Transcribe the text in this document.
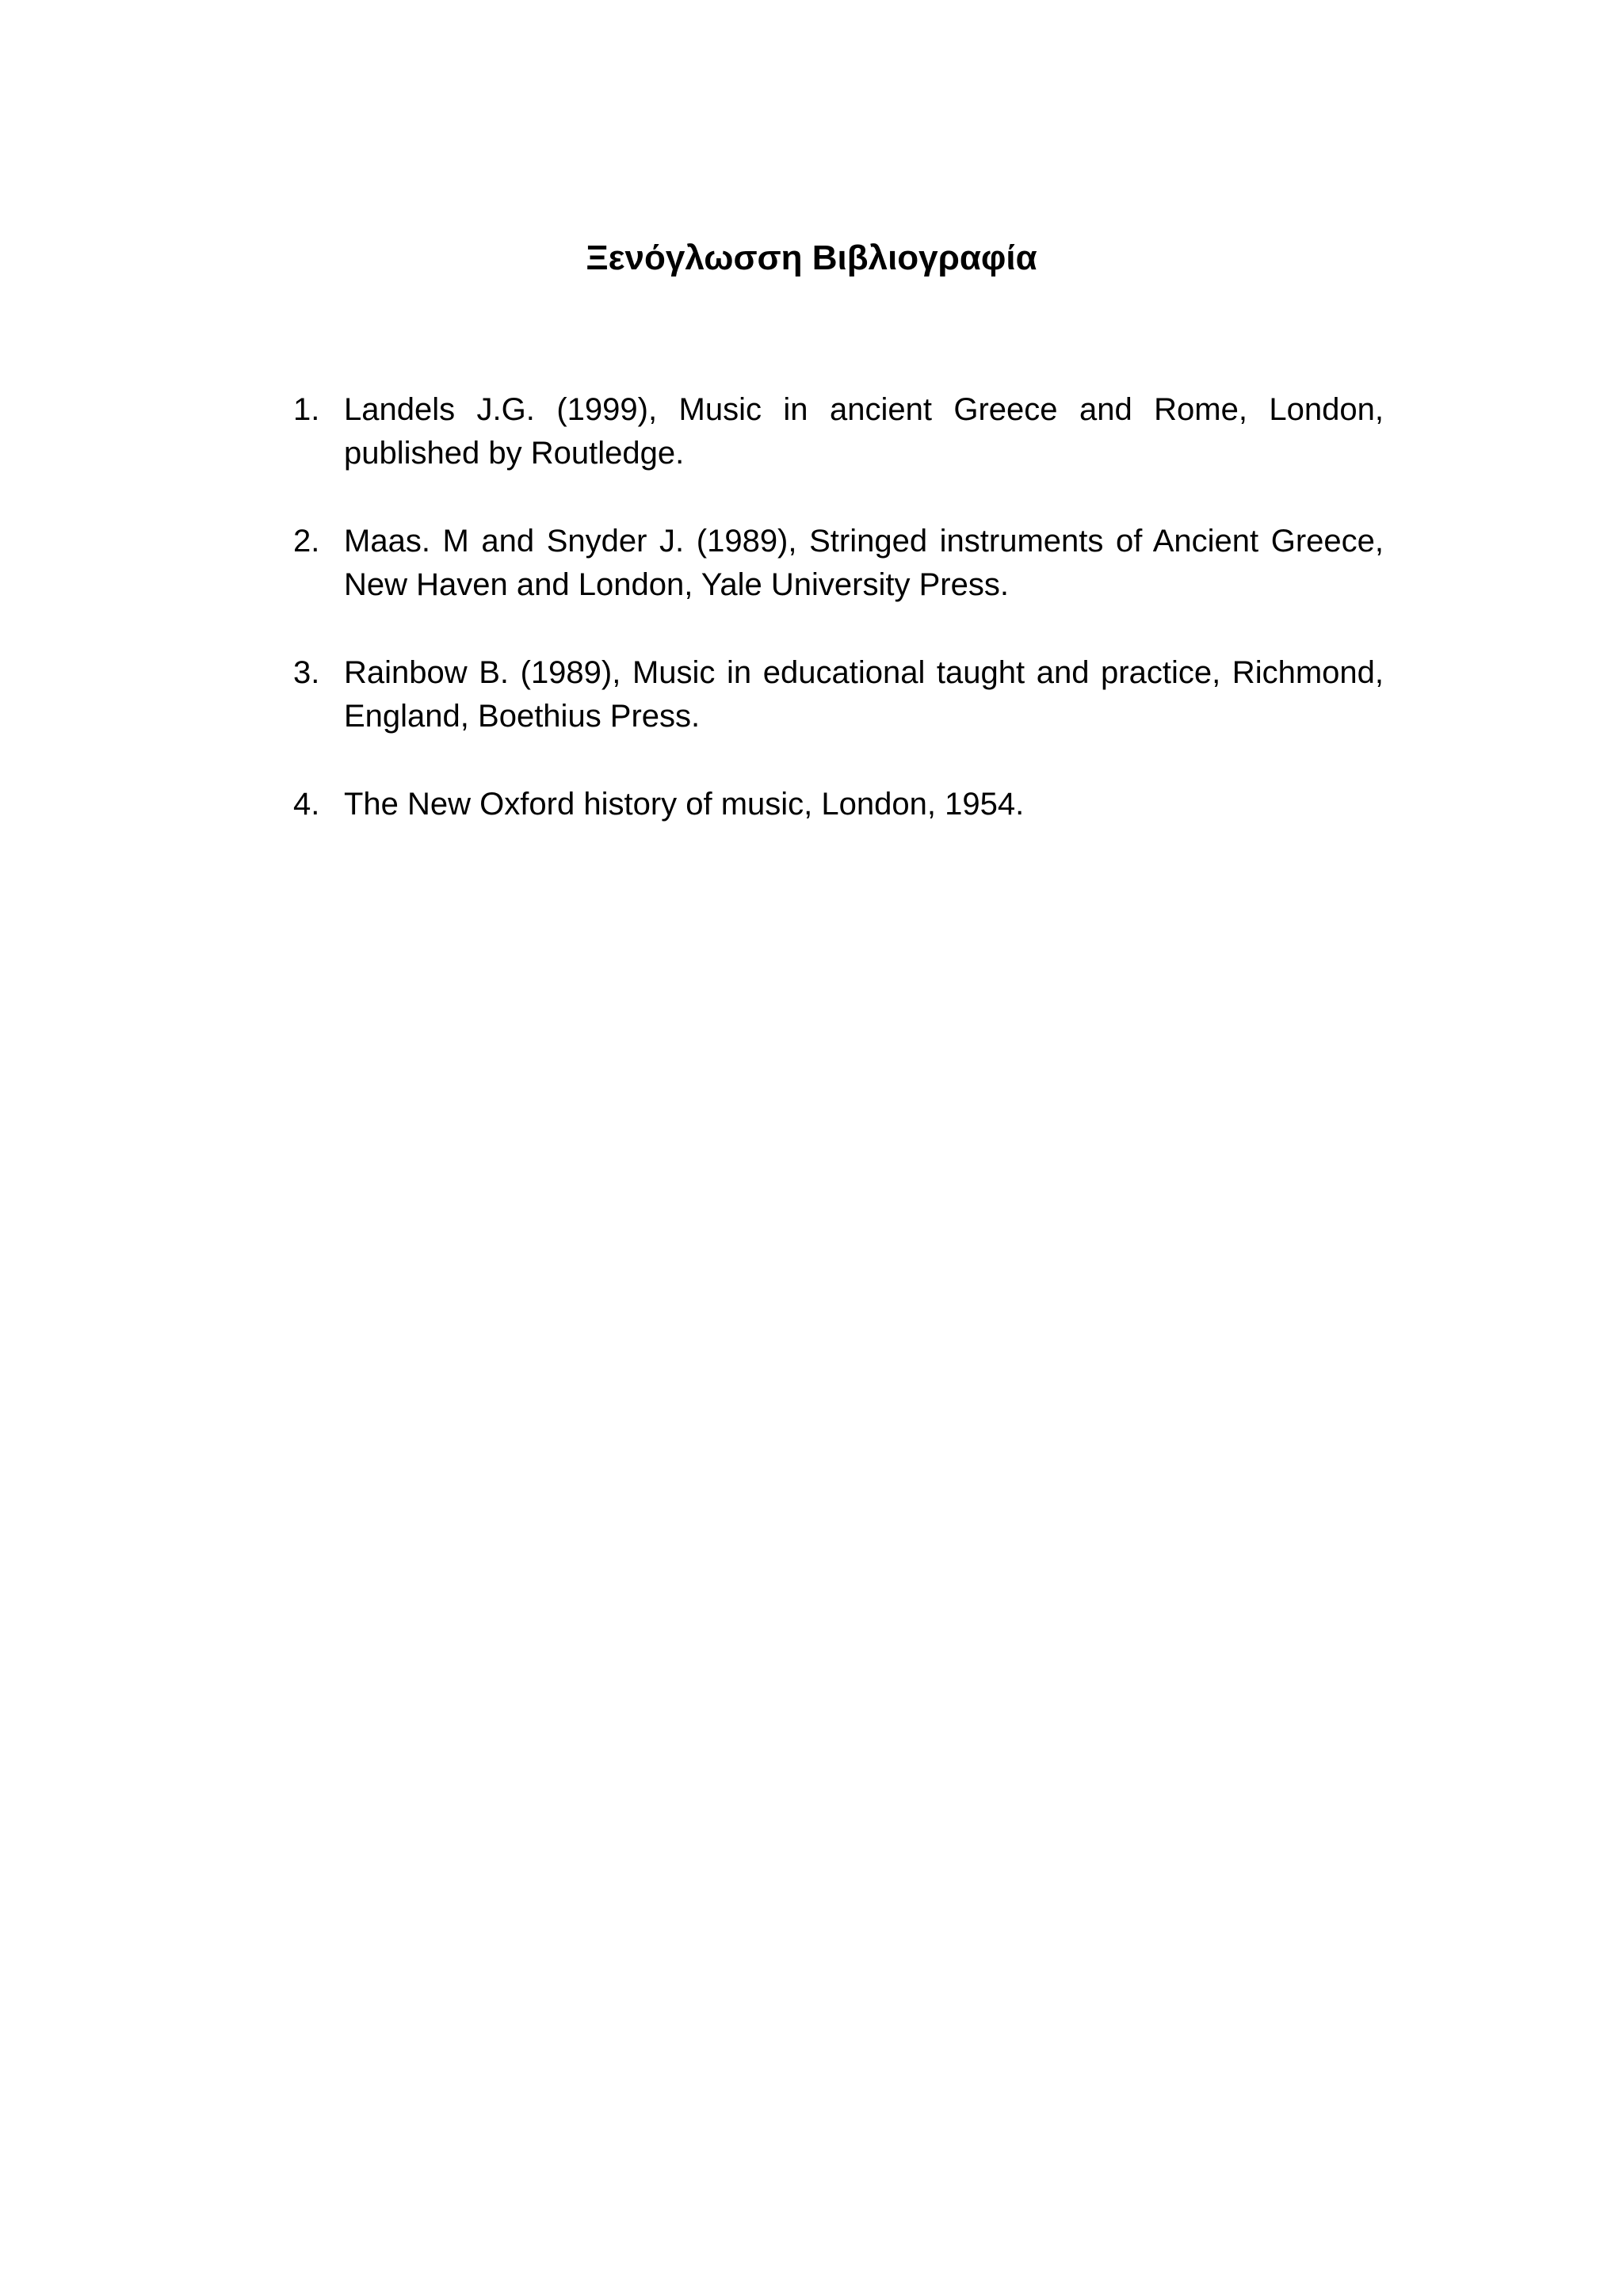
Ξενόγλωσση Βιβλιογραφία
1. Landels J.G. (1999), Music in ancient Greece and Rome, London, published by Routledge.
2. Maas. M and Snyder J. (1989), Stringed instruments of Ancient Greece, New Haven and London, Yale University Press.
3. Rainbow B. (1989), Music in educational taught and practice, Richmond, England, Boethius Press.
4. The New Oxford history of music, London, 1954.
